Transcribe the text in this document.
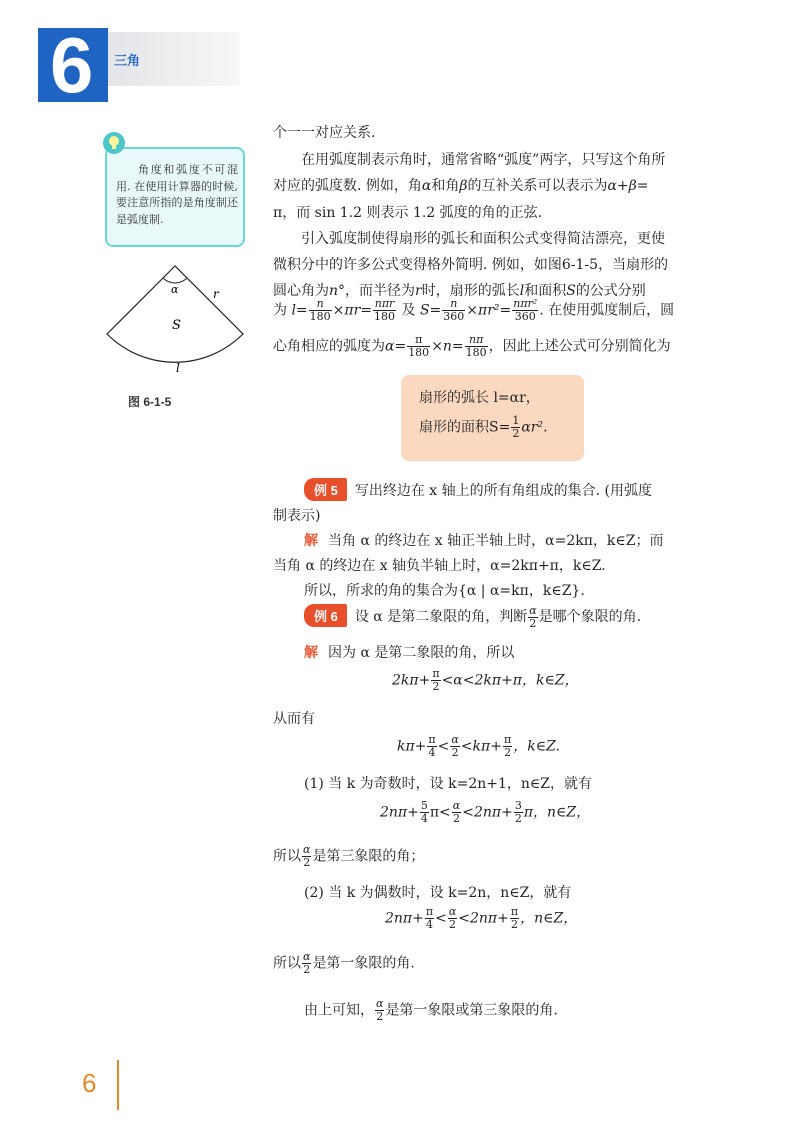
6 三角
角度和弧度不可混用. 在使用计算器的时候, 要注意所指的是角度制还是弧度制.
α	r
S
l
图 6-1-5
个一一对应关系.
在用弧度制表示角时，通常省略“弧度”两字，只写这个角所
对应的弧度数. 例如，角α和角β的互补关系可以表示为α+β=
π，而 sin 1.2 则表示 1.2 弧度的角的正弦.
引入弧度制使得扇形的弧长和面积公式变得简洁漂亮，更使
微积分中的许多公式变得格外简明. 例如，如图6-1-5，当扇形的
圆心角为n°，而半径为r时，扇形的弧长l和面积S的公式分别
为 $l= \frac{n}{180} \times\pi r= \frac{\text{nπr}}{180}$ 及 $S= \frac{n}{360} \times\pi r^2= \frac{\text{nπr²}}{360}$ . 在使用弧度制后，圆
心角相应的弧度为$\alpha= \frac{\pi}{180} \times n= \frac{n\pi}{180}$ ，因此上述公式可分别简化为
扇形的弧长 l=αr，
扇形的面积$S= \frac{1}{2} \alpha r^2$.
例 5 写出终边在 x 轴上的所有角组成的集合. (用弧度
制表示)
解 当角 α 的终边在 x 轴正半轴上时，α=2kπ，k∈Z；而
当角 α 的终边在 x 轴负半轴上时，α=2kπ+π，k∈Z.
所以，所求的角的集合为{α | α=kπ，k∈Z}.
例 6 设 α 是第二象限的角，判断 $\frac{\alpha}{2}$ 是哪个象限的角.
解 因为 α 是第二象限的角，所以
$2k\pi+ \frac{\pi}{2} <\alpha<2k\pi+\pi$，k∈Z，
从而有
$k\pi+ \frac{\pi}{4} < \frac{\alpha}{2} <k\pi+ \frac{\pi}{2}$ ，k∈Z.
(1) 当 k 为奇数时，设 k=2n+1，n∈Z，就有
$2n\pi+ \frac{5}{4} \pi< \frac{\alpha}{2} <2n\pi+ \frac{3}{2}$ π，n∈Z，
所以 $\frac{\alpha}{2}$ 是第三象限的角；
(2) 当 k 为偶数时，设 k=2n，n∈Z，就有
$2n\pi+ \frac{\pi}{4} < \frac{\alpha}{2} <2n\pi+ \frac{\pi}{2}$ ，n∈Z，
所以 $\frac{\alpha}{2}$ 是第一象限的角.
由上可知， $\frac{\alpha}{2}$ 是第一象限或第三象限的角.
6
